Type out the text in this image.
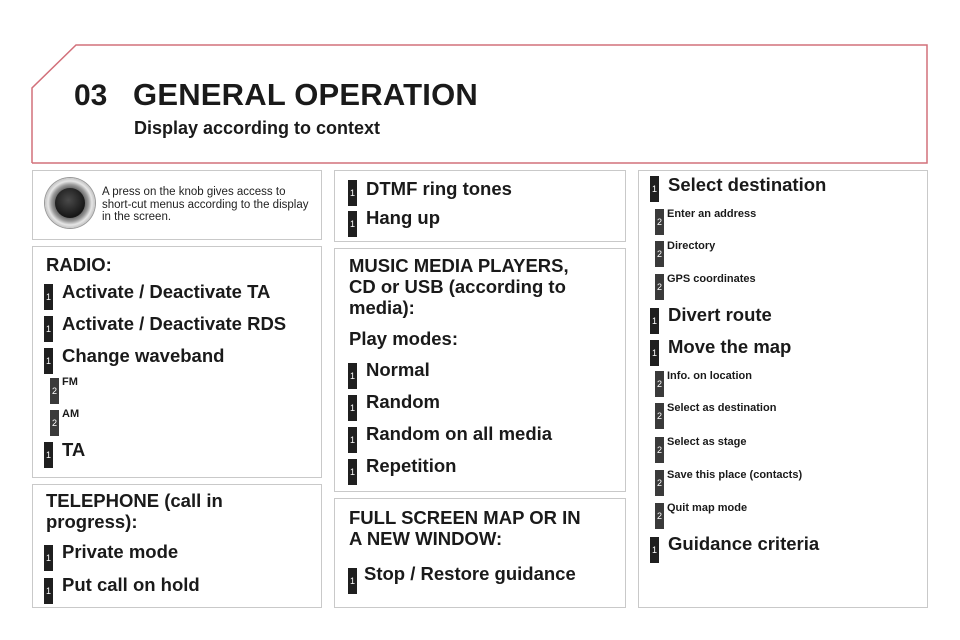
03 GENERAL OPERATION
Display according to context
A press on the knob gives access to short-cut menus according to the display in the screen.
RADIO:
1 Activate / Deactivate TA
1 Activate / Deactivate RDS
1 Change waveband
2
FM
2
AM
1 TA
TELEPHONE (call in progress):
1 Private mode
1 Put call on hold
1 DTMF ring tones
1 Hang up
MUSIC MEDIA PLAYERS, CD or USB (according to media):
Play modes:
1 Normal
1 Random
1 Random on all media
1 Repetition
FULL SCREEN MAP OR IN A NEW WINDOW:
1 Stop / Restore guidance
1 Select destination
2
Enter an address
2
Directory
2
GPS coordinates
1 Divert route
1 Move the map
2
Info. on location
2
Select as destination
2
Select as stage
2
Save this place (contacts)
2
Quit map mode
1 Guidance criteria
